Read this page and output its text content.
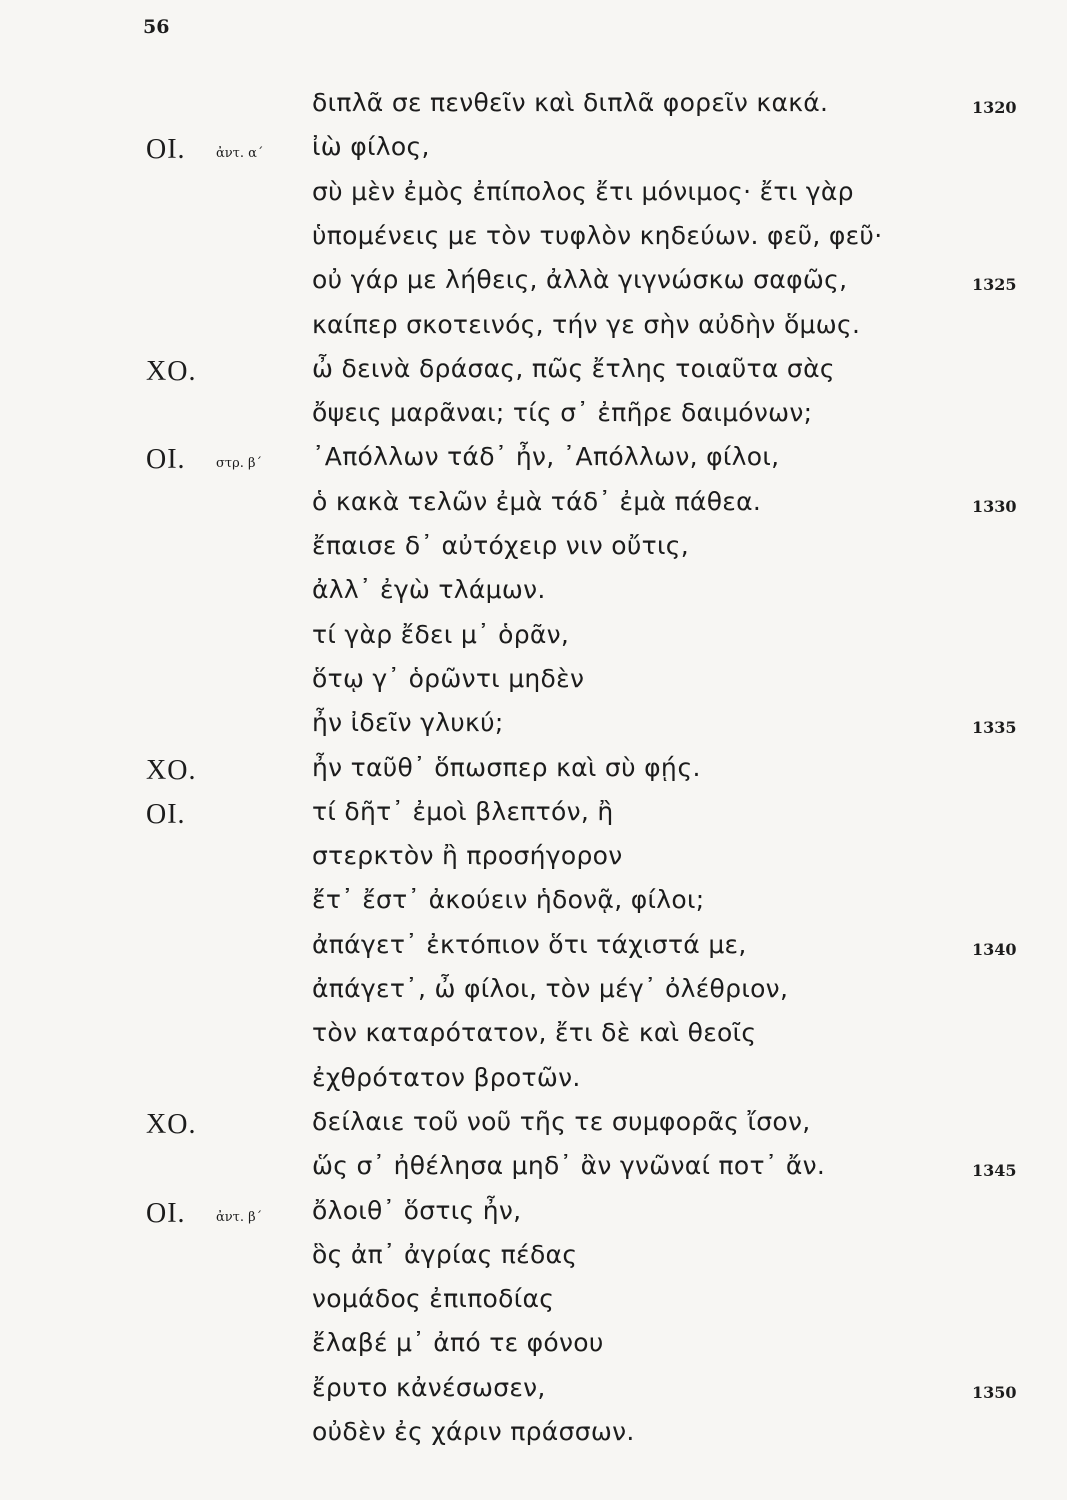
56
διπλᾶ σε πενθεῖν καὶ διπλᾶ φορεῖν κακά.	1320
ΟΙ. ἀντ. α΄ ἰὼ φίλος,
σὺ μὲν ἐμὸς ἐπίπολος ἔτι μόνιμος· ἔτι γὰρ
ὑπομένεις με τὸν τυφλὸν κηδεύων. φεῦ, φεῦ·
οὐ γάρ με λήθεις, ἀλλὰ γιγνώσκω σαφῶς,	1325
καίπερ σκοτεινός, τήν γε σὴν αὐδὴν ὅμως.
ΧΟ.	ὦ δεινὰ δράσας, πῶς ἔτλης τοιαῦτα σὰς
ὄψεις μαρᾶναι; τίς σ᾽ ἐπῆρε δαιμόνων;
ΟΙ. στρ. β΄ ᾽Απόλλων τάδ᾽ ἦν, ᾽Απόλλων, φίλοι,
ὁ κακὰ τελῶν ἐμὰ τάδ᾽ ἐμὰ πάθεα.	1330
ἔπαισε δ᾽ αὐτόχειρ νιν οὔτις,
ἀλλ᾽ ἐγὼ τλάμων.
τί γὰρ ἔδει μ᾽ ὁρᾶν,
ὅτῳ γ᾽ ὁρῶντι μηδὲν
ἦν ἰδεῖν γλυκύ;	1335
ΧΟ.	ἦν ταῦθ᾽ ὅπωσπερ καὶ σὺ φῄς.
ΟΙ.	τί δῆτ᾽ ἐμοὶ βλεπτόν, ἢ
στερκτὸν ἢ προσήγορον
ἔτ᾽ ἔστ᾽ ἀκούειν ἡδονᾷ, φίλοι;
ἀπάγετ᾽ ἐκτόπιον ὅτι τάχιστά με,	1340
ἀπάγετ᾽, ὦ φίλοι, τὸν μέγ᾽ ὀλέθριον,
τὸν καταρότατον, ἔτι δὲ καὶ θεοῖς
ἐχθρότατον βροτῶν.
ΧΟ.	δείλαιε τοῦ νοῦ τῆς τε συμφορᾶς ἴσον,
ὥς σ᾽ ἠθέλησα μηδ᾽ ἂν γνῶναί ποτ᾽ ἄν.	1345
ΟΙ. ἀντ. β΄ ὄλοιθ᾽ ὅστις ἦν,
ὃς ἀπ᾽ ἀγρίας πέδας
νομάδος ἐπιποδίας
ἔλαβέ μ᾽ ἀπό τε φόνου
ἔρυτο κἀνέσωσεν,	1350
οὐδὲν ἐς χάριν πράσσων.
